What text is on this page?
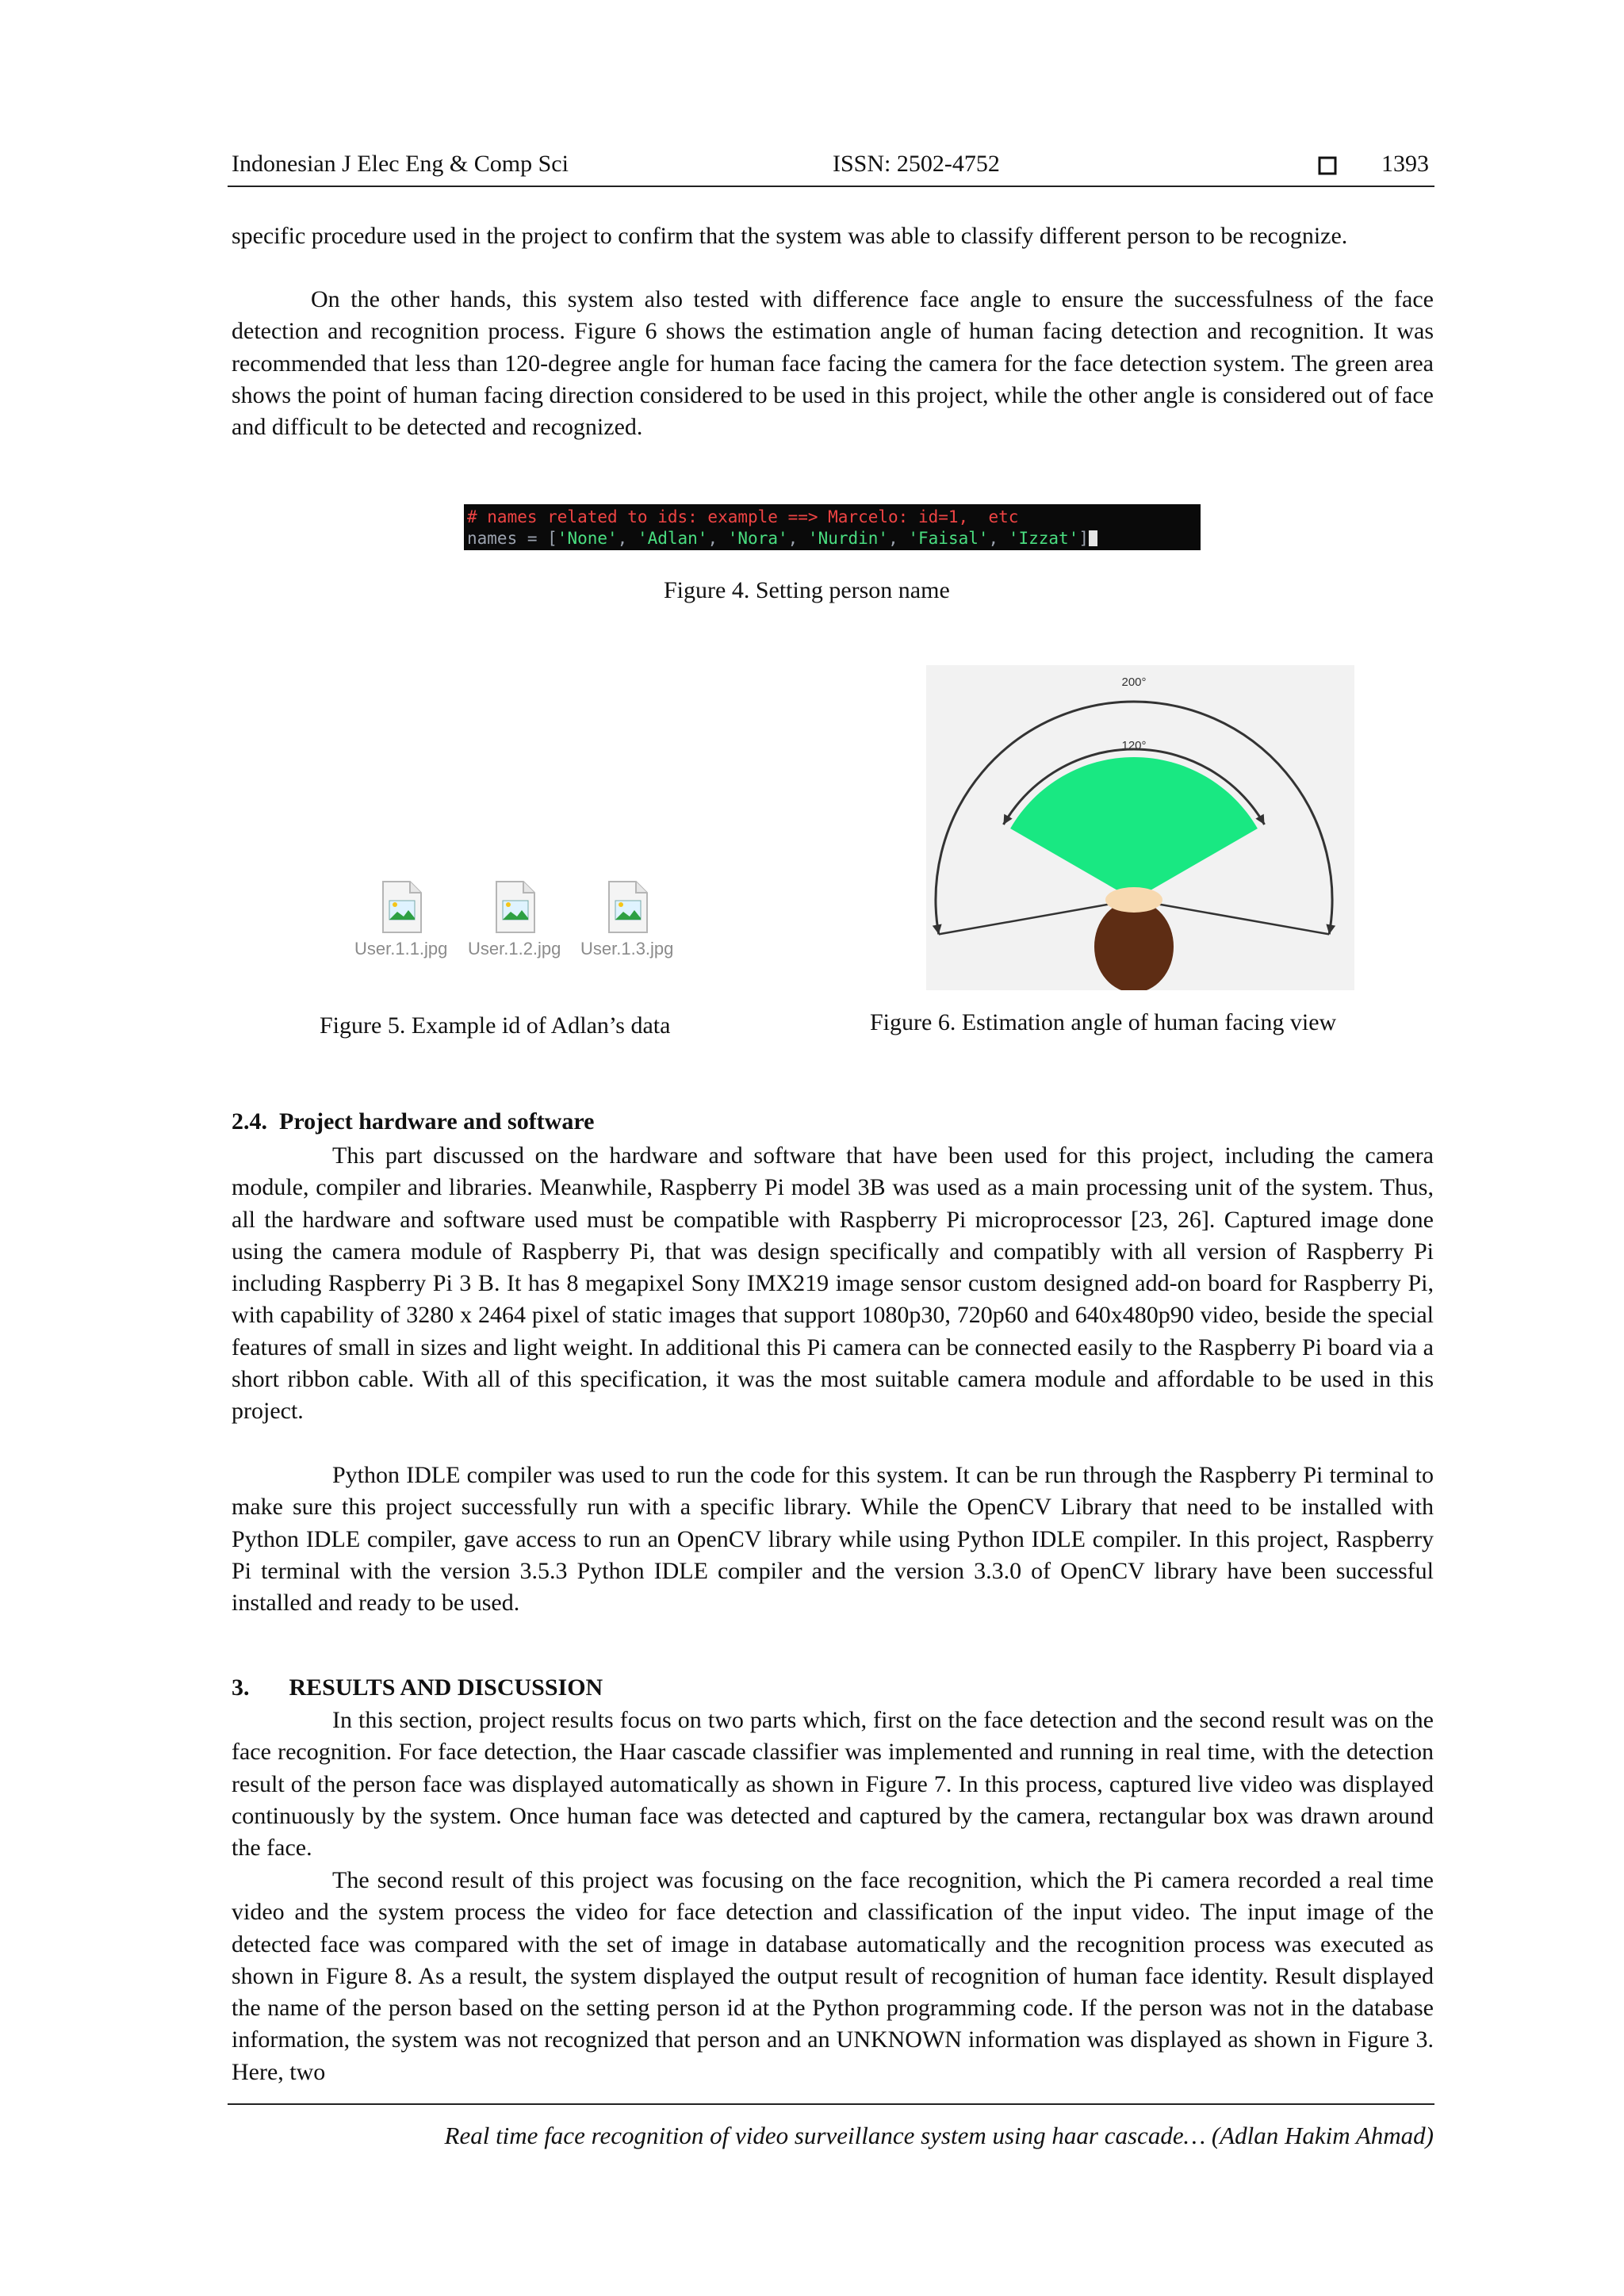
Indonesian J Elec Eng & Comp Sci	ISSN: 2502-4752	1393

specific procedure used in the project to confirm that the system was able to classify different person to be recognize.

On the other hands, this system also tested with difference face angle to ensure the successfulness of the face detection and recognition process. Figure 6 shows the estimation angle of human facing detection and recognition. It was recommended that less than 120-degree angle for human face facing the camera for the face detection system. The green area shows the point of human facing direction considered to be used in this project, while the other angle is considered out of face and difficult to be detected and recognized.

# names related to ids: example ==> Marcelo: id=1,  etc
names = ['None', 'Adlan', 'Nora', 'Nurdin', 'Faisal', 'Izzat']
Figure 4. Setting person name
User.1.1.jpg User.1.2.jpg User.1.3.jpg
Figure 5. Example id of Adlan’s data
200°
120°
Figure 6. Estimation angle of human facing view
2.4. Project hardware and software

This part discussed on the hardware and software that have been used for this project, including the camera module, compiler and libraries. Meanwhile, Raspberry Pi model 3B was used as a main processing unit of the system. Thus, all the hardware and software used must be compatible with Raspberry Pi microprocessor [23, 26]. Captured image done using the camera module of Raspberry Pi, that was design specifically and compatibly with all version of Raspberry Pi including Raspberry Pi 3 B. It has 8 megapixel Sony IMX219 image sensor custom designed add-on board for Raspberry Pi, with capability of 3280 x 2464 pixel of static images that support 1080p30, 720p60 and 640x480p90 video, beside the special features of small in sizes and light weight. In additional this Pi camera can be connected easily to the Raspberry Pi board via a short ribbon cable. With all of this specification, it was the most suitable camera module and affordable to be used in this project.

Python IDLE compiler was used to run the code for this system. It can be run through the Raspberry Pi terminal to make sure this project successfully run with a specific library. While the OpenCV Library that need to be installed with Python IDLE compiler, gave access to run an OpenCV library while using Python IDLE compiler. In this project, Raspberry Pi terminal with the version 3.5.3 Python IDLE compiler and the version 3.3.0 of OpenCV library have been successful installed and ready to be used.

3. RESULTS AND DISCUSSION

In this section, project results focus on two parts which, first on the face detection and the second result was on the face recognition. For face detection, the Haar cascade classifier was implemented and running in real time, with the detection result of the person face was displayed automatically as shown in Figure 7. In this process, captured live video was displayed continuously by the system. Once human face was detected and captured by the camera, rectangular box was drawn around the face.

The second result of this project was focusing on the face recognition, which the Pi camera recorded a real time video and the system process the video for face detection and classification of the input video. The input image of the detected face was compared with the set of image in database automatically and the recognition process was executed as shown in Figure 8. As a result, the system displayed the output result of recognition of human face identity. Result displayed the name of the person based on the setting person id at the Python programming code. If the person was not in the database information, the system was not recognized that person and an UNKNOWN information was displayed as shown in Figure 3. Here, two

Real time face recognition of video surveillance system using haar cascade… (Adlan Hakim Ahmad)
